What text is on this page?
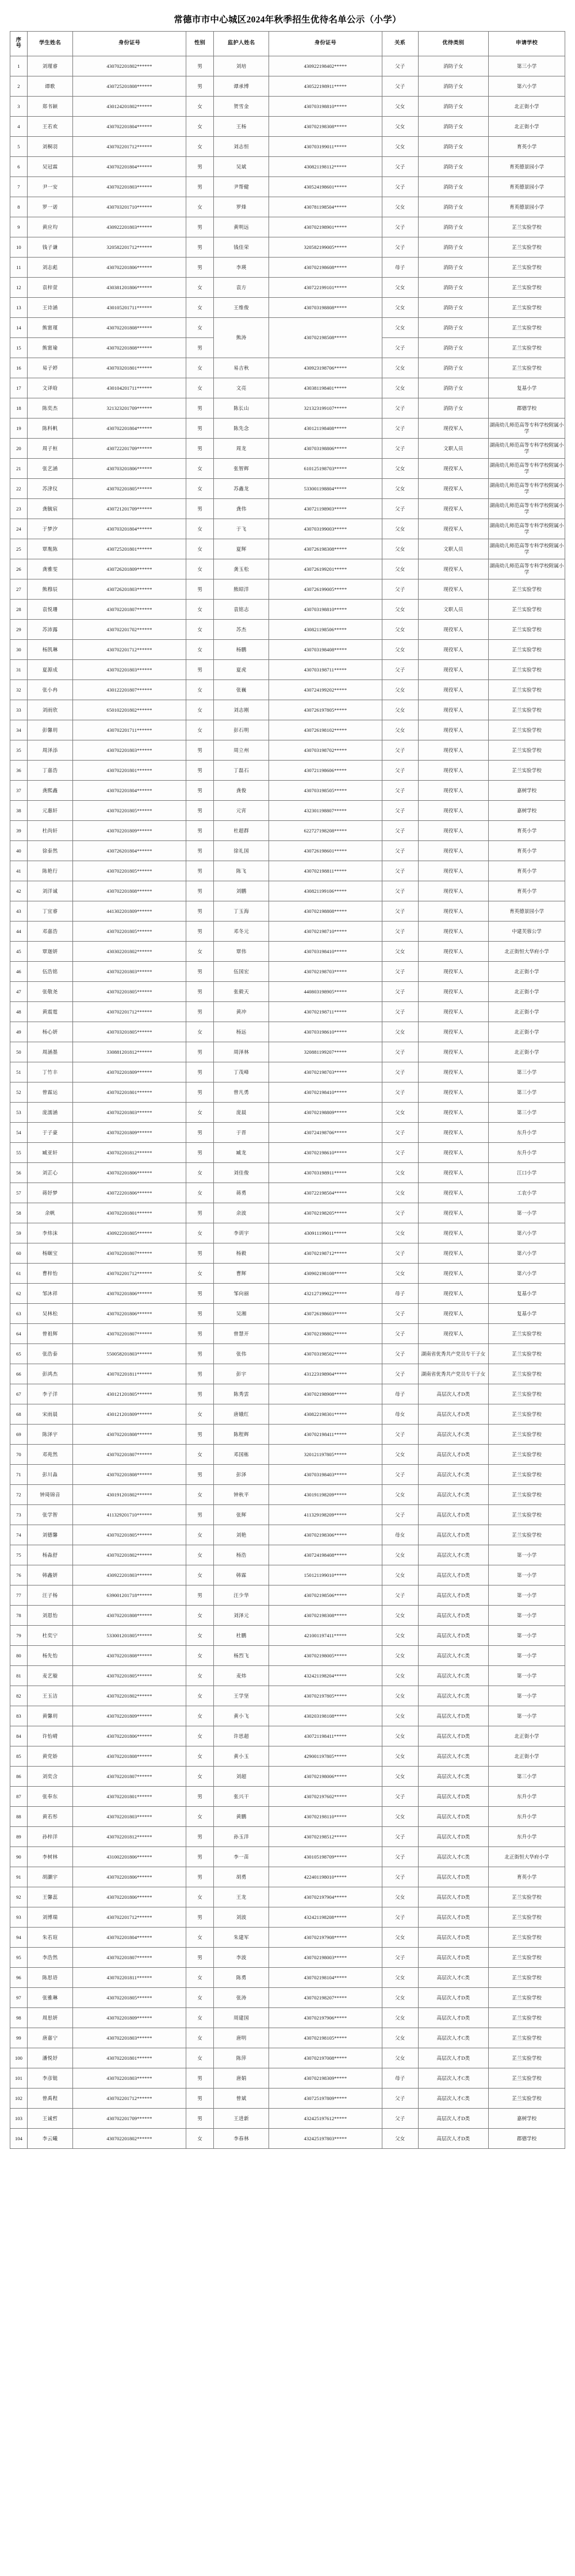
常德市市中心城区2024年秋季招生优待名单公示（小学）
序
号	学生姓名	身份证号	性别	监护人姓名	身份证号	关系	优待类别	申请学校
1	刘瑾睿	430702201802******	男	刘培	430922198402*****	父子	消防子女	第三小学
2	谭歌	430725201808******	男	谭承博	430522198911*****	父子	消防子女	第六小学
3	郑书颖	430124201802******	女	贺雪金	430703198810*****	父女	消防子女	北正街小学
4	王若欢	430702201804******	女	王杨	430702198308*****	父女	消防子女	北正街小学
5	刘桐羽	430702201712******	女	刘志恒	430703199011*****	父女	消防子女	育英小学
6	吴冠霖	430702201804******	男	吴斌	430821198112*****	父子	消防子女	育英德景园小学
7	尹一安	430702201803******	男	尹帮健	430524198601*****	父子	消防子女	育英德景园小学
8	罗一诺	430703201710******	女	罗烽	430781198504*****	父女	消防子女	育英德景园小学
9	黄应均	430922201803******	男	黄明远	430702198901*****	父子	消防子女	芷兰实验学校
10	钱子谦	320582201712******	男	钱佳荣	320582199005*****	父子	消防子女	芷兰实验学校
11	刘志彪	430702201806******	男	李瑛	430702198608*****	母子	消防子女	芷兰实验学校
12	袁梓萱	430381201806******	女	袁方	430722199101*****	父女	消防子女	芷兰实验学校
13	王诗涵	430105201711******	女	王维俊	430703198808*****	父女	消防子女	芷兰实验学校
14	熊甯瑾	430702201808******	女	熊涛	430702198508*****	父女	消防子女	芷兰实验学校
15	熊甯瑜	430702201808******	男			父子	消防子女	芷兰实验学校
16	易子婷	430703201801******	女	易吉秋	430923198706*****	父女	消防子女	芷兰实验学校
17	文译晗	430104201711******	女	文亮	430381198401*****	父女	消防子女	复基小学
18	陈奕杰	321323201709******	男	陈长山	321323199107*****	父子	消防子女	郡德学校
19	陈科帆	430702201804******	男	陈先念	430121198408*****	父子	现役军人	湖南幼儿师范高等专科学校附属小学
20	周子桓	430722201709******	男	周龙	430703198806*****	父子	文职人员	湖南幼儿师范高等专科学校附属小学
21	张艺涵	430703201806******	女	张智辉	610125198703*****	父女	现役军人	湖南幼儿师范高等专科学校附属小学
22	苏津仪	430702201805******	女	苏鑫龙	533001198804*****	父女	现役军人	湖南幼儿师范高等专科学校附属小学
23	龚毓宸	430721201709******	男	龚伟	430721198903*****	父子	现役军人	湖南幼儿师范高等专科学校附属小学
24	于梦汐	430703201804******	女	于飞	430703199003*****	父女	现役军人	湖南幼儿师范高等专科学校附属小学
25	覃胤陈	430725201801******	女	夏辉	430726198308*****	父女	文职人员	湖南幼儿师范高等专科学校附属小学
26	龚雅雯	430726201809******	女	龚玉松	430726199201*****	父女	现役军人	湖南幼儿师范高等专科学校附属小学
27	熊穆辰	430726201803******	男	熊昭洋	430726199005*****	父子	现役军人	芷兰实验学校
28	袁悦珊	430702201807******	女	袁铭志	430703198810*****	父女	文职人员	芷兰实验学校
29	苏沛露	430702201702******	女	苏杰	430821198506*****	父女	现役军人	芷兰实验学校
30	杨凯琳	430702201712******	女	杨鹏	430703198408*****	父女	现役军人	芷兰实验学校
31	夏源成	430702201803******	男	夏虎	430703198711*****	父子	现役军人	芷兰实验学校
32	张小冉	430122201807******	女	张巍	430724199202*****	父女	现役军人	芷兰实验学校
33	刘雨欣	650102201802******	女	刘志刚	430726197805*****	父女	现役军人	芷兰实验学校
34	彭馨玥	430702201711******	女	彭石明	430726198102*****	父女	现役军人	芷兰实验学校
35	周泽添	430702201803******	男	周立州	430703198702*****	父子	现役军人	芷兰实验学校
36	丁嘉浩	430702201801******	男	丁磊石	430721198606*****	父子	现役军人	芷兰实验学校
37	龚熙鑫	430702201804******	男	龚俊	430703198505*****	父子	现役军人	嘉树学校
38	元惠轩	430702201805******	男	元宵	432301198807*****	父子	现役军人	嘉树学校
39	杜尚轩	430702201809******	男	杜超群	622727198208*****	父子	现役军人	育英小学
40	徐泰然	430726201804******	男	徐礼国	430726198601*****	父子	现役军人	育英小学
41	陈艳行	430702201805******	男	陈飞	430702198811*****	父子	现役军人	育英小学
42	刘洋诚	430702201808******	男	刘鹏	430821199106*****	父子	现役军人	育英小学
43	丁宜睿	441302201809******	男	丁玉海	430702198808*****	父子	现役军人	育英德景园小学
44	邓嘉浩	430702201805******	男	邓冬元	430702198710*****	父子	现役军人	中建芙蓉公学
45	覃迦妍	430302201802******	女	覃伟	430703198410*****	父女	现役军人	北正街恒大华府小学
46	伍浩铭	430702201803******	男	伍国宏	430702198703*****	父子	现役军人	北正街小学
47	张敬尧	430702201805******	男	张毅天	440803198905*****	父子	现役军人	北正街小学
48	黄震霆	430702201712******	男	黄冲	430702198711*****	父子	现役军人	北正街小学
49	杨心妍	430703201805******	女	杨远	430703198610*****	父女	现役军人	北正街小学
50	周涵墨	330881201812******	男	周泽林	320881199207*****	父子	现役军人	北正街小学
51	丁竹丰	430702201809******	男	丁茂峰	430702198703*****	父子	现役军人	第三小学
52	曾霖运	430702201801******	男	曾凡勇	430702198410*****	父子	现役军人	第三小学
53	庞濡涵	430702201803******	女	庞晨	430702198809*****	父女	现役军人	第三小学
54	于子豪	430702201809******	男	于晋	430724198706*****	父子	现役军人	东升小学
55	臧亚轩	430702201812******	男	臧龙	430702198610*****	父子	现役军人	东升小学
56	刘芷心	430702201806******	女	刘佳俊	430703198911*****	父女	现役军人	江口小学
57	蒋妤梦	430722201806******	女	蒋勇	430722198504*****	父女	现役军人	工农小学
58	余帆	430702201801******	男	余波	430702198205*****	父子	现役军人	第一小学
59	李炜沫	430922201805******	女	李训宇	430911199011*****	父女	现役军人	第六小学
60	杨颐宝	430702201807******	男	杨毅	430702198712*****	父子	现役军人	第六小学
61	曹梓怡	430702201712******	女	曹辉	430902198108*****	父女	现役军人	第六小学
62	邹沐祥	430702201806******	男	邹向丽	432127199022*****	母子	现役军人	复基小学
63	吴林松	430702201806******	男	吴湘	430726198603*****	父子	现役军人	复基小学
64	曾祖辉	430702201807******	男	曾慧开	430702198802*****	父子	现役军人	芷兰实验学校
65	张浩泰	550058201803******	男	张伟	430703198502*****	父子	湖南省优秀共产党员专干子女	芷兰实验学校
66	彭鸿杰	430702201811******	男	彭宇	431223198904*****	父子	湖南省优秀共产党员专干子女	芷兰实验学校
67	李子洋	430121201805******	男	陈秀雲	430702198908*****	母子	高层次人才D类	芷兰实验学校
68	宋雨晨	430121201809******	女	唐娥红	430822198301*****	母女	高层次人才D类	芷兰实验学校
69	陈泽宇	430702201808******	男	陈程辉	430702198411*****	父子	高层次人才C类	芷兰实验学校
70	邓苑然	430702201807******	女	邓国栋	320121197805*****	父女	高层次人才D类	芷兰实验学校
71	彭川淼	430702201808******	男	彭泽	430703198403*****	父子	高层次人才C类	芷兰实验学校
72	钟琦锦音	430191201802******	女	钟秋平	430191198209*****	父女	高层次人才C类	芷兰实验学校
73	张学智	411329201710******	男	张辉	411329198209*****	父子	高层次人才D类	芷兰实验学校
74	刘德馨	430702201805******	女	刘艳	430702198306*****	母女	高层次人才D类	芷兰实验学校
75	杨淼舒	430702201802******	女	杨浩	430724198408*****	父女	高层次人才C类	第一小学
76	韩鑫妍	430922201803******	女	韩霖	150121199010*****	父女	高层次人才D类	第一小学
77	汪子杨	639001201718******	男	汪少华	430702198506*****	父子	高层次人才D类	第一小学
78	刘恩怡	430702201808******	女	刘泽元	430702198308*****	父女	高层次人才D类	第一小学
79	杜奕宁	533001201805******	女	杜鹏	421001197411*****	父女	高层次人才D类	第一小学
80	杨先怡	430702201808******	女	杨烈飞	430702198005*****	父女	高层次人才C类	第一小学
81	麦艺璇	430702201805******	女	麦炜	432421198204*****	父女	高层次人才C类	第一小学
82	王玉洁	430702201802******	女	王学坚	430702197805*****	父女	高层次人才C类	第一小学
83	黄馨玥	430702201809******	女	黄小飞	430203198108*****	父女	高层次人才D类	第一小学
84	许怡晴	430702201806******	女	许思超	430721198411*****	父女	高层次人才D类	北正街小学
85	黄党娇	430702201808******	女	黄小玉	429001197805*****	父女	高层次人才C类	北正街小学
86	刘奕含	430702201807******	女	刘超	430702198006*****	父女	高层次人才C类	第三小学
87	张奉东	430702201801******	男	张兴干	430702197602*****	父子	高层次人才D类	东升小学
88	黄若彤	430702201803******	女	黄鹏	430702198110*****	父女	高层次人才D类	东升小学
89	孙梓洋	430702201812******	男	孙玉洋	430702198512*****	父子	高层次人才D类	东升小学
90	李树林	431002201806******	男	李一苗	430105198709*****	父子	高层次人才C类	北正街恒大华府小学
91	胡灏宇	430702201806******	男	胡勇	422401198010*****	父子	高层次人才D类	育英小学
92	王馨蕊	430702201806******	女	王龙	430702197904*****	父女	高层次人才D类	芷兰实验学校
93	刘博瑞	430702201712******	男	刘波	432421198208*****	父子	高层次人才D类	芷兰实验学校
94	朱若瑄	430702201804******	女	朱建军	430702197908*****	父女	高层次人才D类	芷兰实验学校
95	李浩然	430702201807******	男	李波	430702198003*****	父子	高层次人才D类	芷兰实验学校
96	陈思语	430702201811******	女	陈勇	430702198104*****	父女	高层次人才C类	芷兰实验学校
97	张雅琳	430702201805******	女	张涛	430702198207*****	父女	高层次人才D类	芷兰实验学校
98	周思妍	430702201809******	女	周建国	430702197906*****	父女	高层次人才D类	芷兰实验学校
99	唐嘉宁	430702201803******	女	唐明	430702198105*****	父女	高层次人才C类	芷兰实验学校
100	潘悦妤	430702201801******	女	陈萍	430702197008*****	父女	高层次人才D类	芷兰实验学校
101	李彦铤	430702201803******	男	唐娟	430702198309*****	母子	高层次人才C类	芷兰实验学校
102	曾禹程	430702201712******	男	曾斌	430725197809*****	父子	高层次人才C类	芷兰实验学校
103	王诚哲	430702201709******	男	王进新	432425197612*****	父子	高层次人才D类	嘉树学校
104	李云曦	430702201802******	女	李春林	432425197803*****	父女	高层次人才D类	郡德学校
